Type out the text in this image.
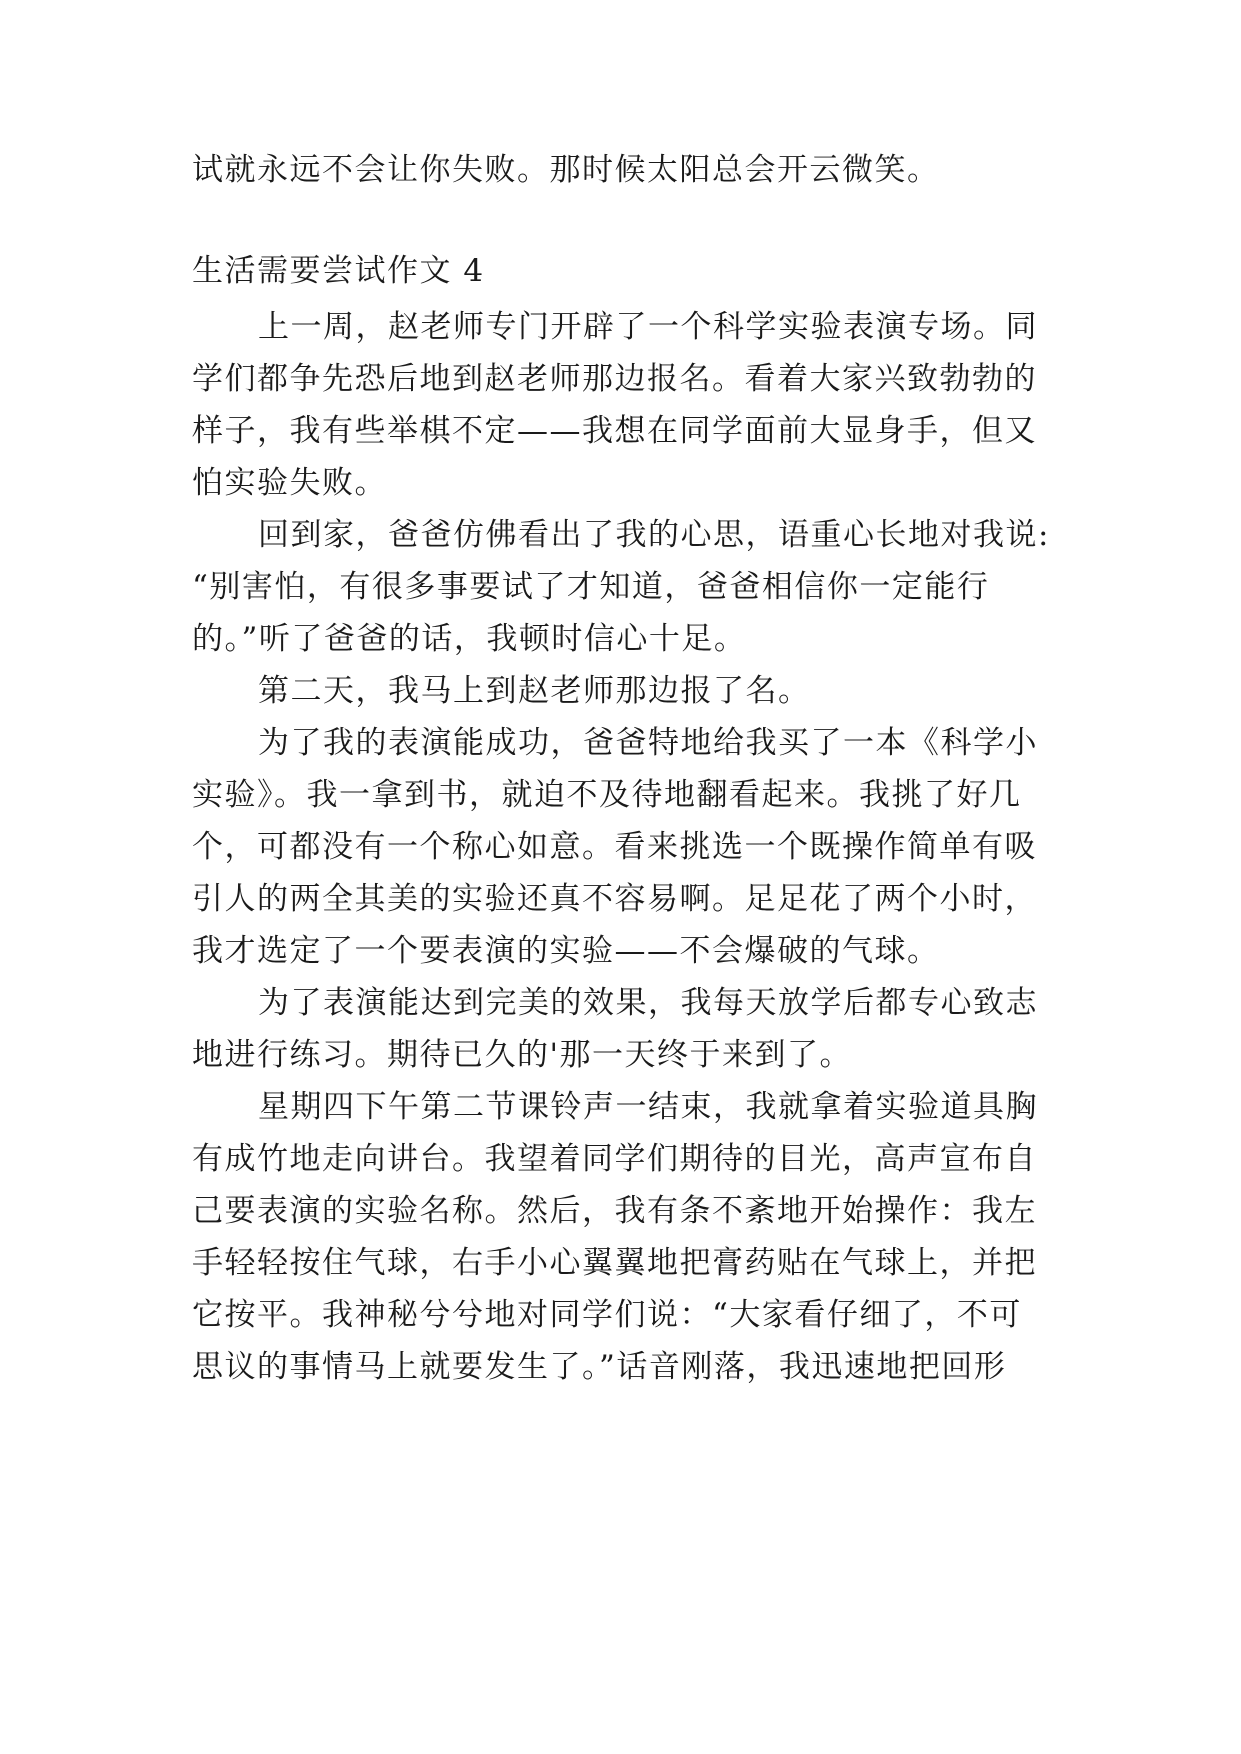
试就永远不会让你失败。那时候太阳总会开云微笑。
生活需要尝试作文 4
上一周，赵老师专门开辟了一个科学实验表演专场。同
学们都争先恐后地到赵老师那边报名。看着大家兴致勃勃的
样子，我有些举棋不定——我想在同学面前大显身手，但又
怕实验失败。
回到家，爸爸仿佛看出了我的心思，语重心长地对我说:
“别害怕，有很多事要试了才知道，爸爸相信你一定能行
的。”听了爸爸的话，我顿时信心十足。
第二天，我马上到赵老师那边报了名。
为了我的表演能成功，爸爸特地给我买了一本《科学小
实验》。我一拿到书，就迫不及待地翻看起来。我挑了好几
个，可都没有一个称心如意。看来挑选一个既操作简单有吸
引人的两全其美的实验还真不容易啊。足足花了两个小时，
我才选定了一个要表演的实验——不会爆破的气球。
为了表演能达到完美的效果，我每天放学后都专心致志
地进行练习。期待已久的'那一天终于来到了。
星期四下午第二节课铃声一结束，我就拿着实验道具胸
有成竹地走向讲台。我望着同学们期待的目光，高声宣布自
己要表演的实验名称。然后，我有条不紊地开始操作：我左
手轻轻按住气球，右手小心翼翼地把膏药贴在气球上，并把
它按平。我神秘兮兮地对同学们说：“大家看仔细了，不可
思议的事情马上就要发生了。”话音刚落，我迅速地把回形
